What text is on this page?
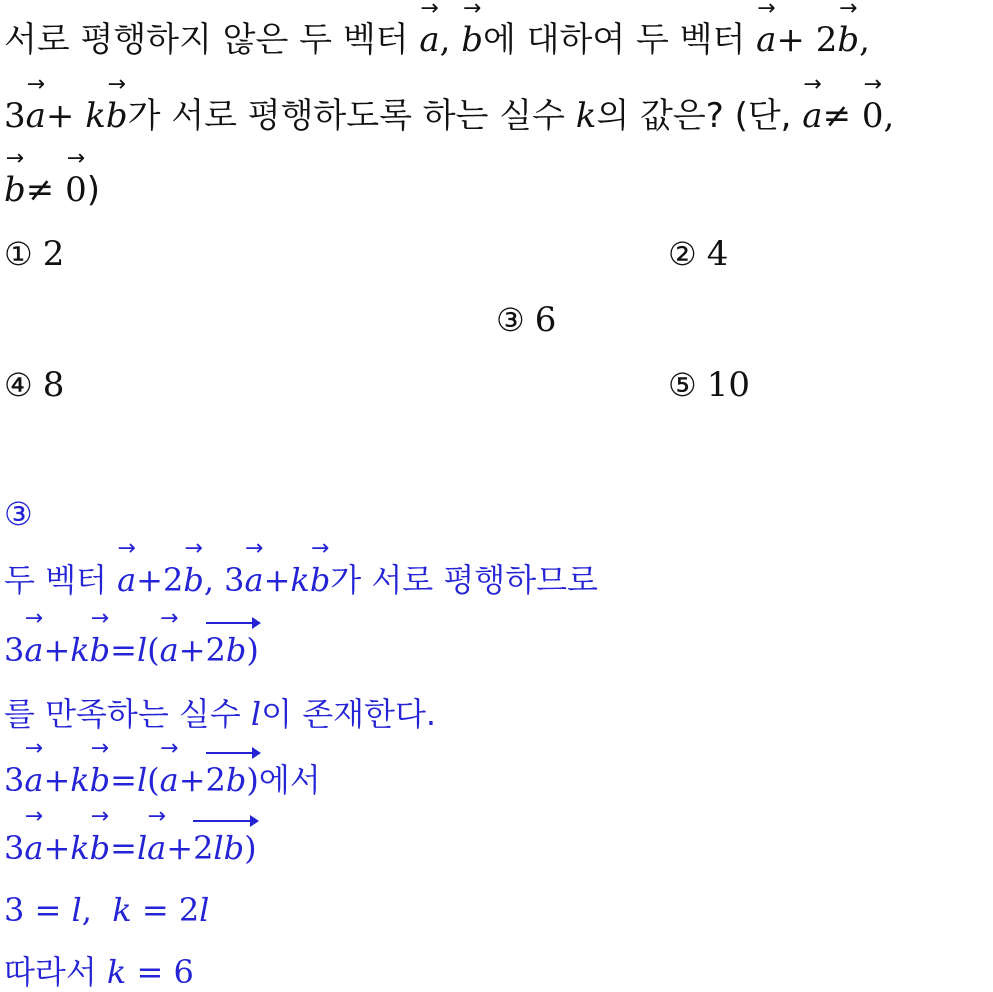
서로 평행하지 않은 두 벡터 → a, → b에 대하여 두 벡터 → a+ 2→ b,
3→ a+ k→ b가 서로 평행하도록 하는 실수 k의 값은? (단, → a≠ → 0,
→ b≠ → 0)
① 2	② 4
③ 6
④ 8	⑤ 10
③
두 벡터 → a+2→ b, 3→ a+k→ b가 서로 평행하므로
3→ a+k→ b=l(→ a+2b)
를 만족하는 실수 l이 존재한다.
3→ a+k→ b=l(→ a+2b)에서
3→ a+k→ b=l→ a+2lb)
3 = l,  k = 2l
따라서 k = 6
